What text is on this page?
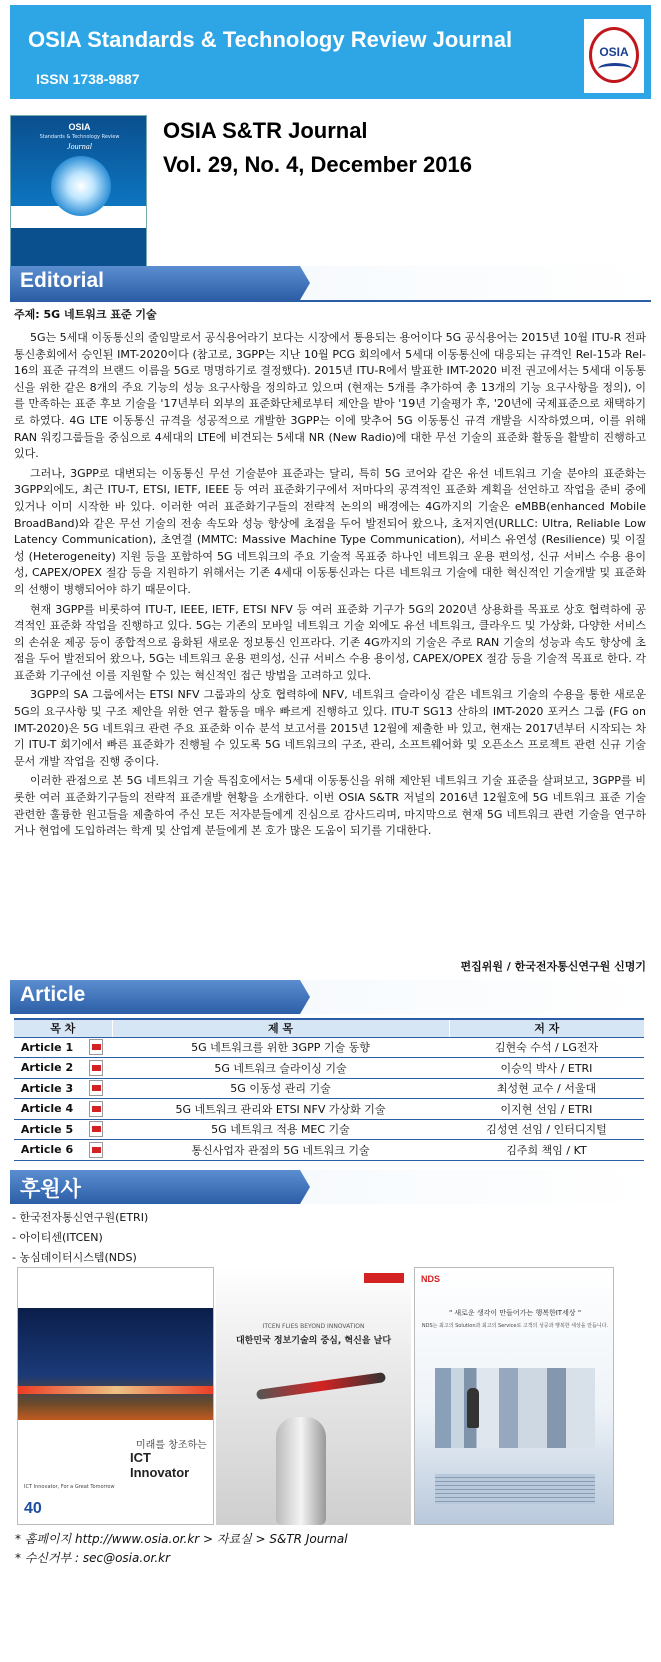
OSIA Standards & Technology Review Journal
ISSN 1738-9887
OSIA
OSIA
Standards & Technology Review
Journal
OSIA S&TR Journal
Vol. 29, No. 4, December 2016
Editorial
주제: 5G 네트워크 표준 기술

5G는 5세대 이동통신의 줄임말로서 공식용어라기 보다는 시장에서 통용되는 용어이다 5G 공식용어는 2015년 10월 ITU-R 전파통신총회에서 승인된 IMT-2020이다 (참고로, 3GPP는 지난 10월 PCG 회의에서 5세대 이동통신에 대응되는 규격인 Rel-15과 Rel-16의 표준 규격의 브랜드 이름을 5G로 명명하기로 결정했다). 2015년 ITU-R에서 발표한 IMT-2020 비전 권고에서는 5세대 이동통신을 위한 같은 8개의 주요 기능의 성능 요구사항을 정의하고 있으며 (현재는 5개를 추가하여 총 13개의 기능 요구사항을 정의), 이를 만족하는 표준 후보 기술을 '17년부터 외부의 표준화단체로부터 제안을 받아 '19년 기술평가 후, '20년에 국제표준으로 채택하기로 하였다. 4G LTE 이동통신 규격을 성공적으로 개발한 3GPP는 이에 맞추어 5G 이동통신 규격 개발을 시작하였으며, 이를 위해 RAN 워킹그룹들을 중심으로 4세대의 LTE에 비견되는 5세대 NR (New Radio)에 대한 무선 기술의 표준화 활동을 활발히 진행하고 있다.

그러나, 3GPP로 대변되는 이동통신 무선 기술분야 표준과는 달리, 특히 5G 코어와 같은 유선 네트워크 기술 분야의 표준화는 3GPP외에도, 최근 ITU-T, ETSI, IETF, IEEE 등 여러 표준화기구에서 저마다의 공격적인 표준화 계획을 선언하고 작업을 준비 중에 있거나 이미 시작한 바 있다. 이러한 여러 표준화기구들의 전략적 논의의 배경에는 4G까지의 기술은 eMBB(enhanced Mobile BroadBand)와 같은 무선 기술의 전송 속도와 성능 향상에 초점을 두어 발전되어 왔으나, 초저지연(URLLC: Ultra, Reliable Low Latency Communication), 초연결 (MMTC: Massive Machine Type Communication), 서비스 유연성 (Resilience) 및 이질성 (Heterogeneity) 지원 등을 포함하여 5G 네트워크의 주요 기술적 목표중 하나인 네트워크 운용 편의성, 신규 서비스 수용 용이성, CAPEX/OPEX 절감 등을 지원하기 위해서는 기존 4세대 이동통신과는 다른 네트워크 기술에 대한 혁신적인 기술개발 및 표준화의 선행이 병행되어야 하기 때문이다.

현재 3GPP를 비롯하여 ITU-T, IEEE, IETF, ETSI NFV 등 여러 표준화 기구가 5G의 2020년 상용화를 목표로 상호 협력하에 공격적인 표준화 작업을 진행하고 있다. 5G는 기존의 모바일 네트워크 기술 외에도 유선 네트워크, 클라우드 및 가상화, 다양한 서비스의 손쉬운 제공 등이 종합적으로 융화된 새로운 정보통신 인프라다. 기존 4G까지의 기술은 주로 RAN 기술의 성능과 속도 향상에 초점을 두어 발전되어 왔으나, 5G는 네트워크 운용 편의성, 신규 서비스 수용 용이성, CAPEX/OPEX 절감 등을 기술적 목표로 한다. 각 표준화 기구에선 이를 지원할 수 있는 혁신적인 접근 방법을 고려하고 있다.

3GPP의 SA 그룹에서는 ETSI NFV 그룹과의 상호 협력하에 NFV, 네트워크 슬라이싱 같은 네트워크 기술의 수용을 통한 새로운 5G의 요구사항 및 구조 제안을 위한 연구 활동을 매우 빠르게 진행하고 있다. ITU-T SG13 산하의 IMT-2020 포커스 그룹 (FG on IMT-2020)은 5G 네트워크 관련 주요 표준화 이슈 분석 보고서를 2015년 12월에 제출한 바 있고, 현재는 2017년부터 시작되는 차기 ITU-T 회기에서 빠른 표준화가 진행될 수 있도록 5G 네트워크의 구조, 관리, 소프트웨어화 및 오픈소스 프로젝트 관련 신규 기술 문서 개발 작업을 진행 중이다.

이러한 관점으로 본 5G 네트워크 기술 특집호에서는 5세대 이동통신을 위해 제안된 네트워크 기술 표준을 살펴보고, 3GPP를 비롯한 여러 표준화기구들의 전략적 표준개발 현황을 소개한다. 이번 OSIA S&TR 저널의 2016년 12월호에 5G 네트워크 표준 기술 관련한 훌륭한 원고들을 제출하여 주신 모든 저자분들에게 진심으로 감사드리며, 마지막으로 현재 5G 네트워크 관련 기술을 연구하거나 현업에 도입하려는 학계 및 산업계 분들에게 본 호가 많은 도움이 되기를 기대한다.

편집위원 / 한국전자통신연구원 신명기
Article
목 차		제 목	저 자
Article 1		5G 네트워크를 위한 3GPP 기술 동향	김현숙 수석 / LG전자
Article 2		5G 네트워크 슬라이싱 기술	이승익 박사 / ETRI
Article 3		5G 이동성 관리 기술	최성현 교수 / 서울대
Article 4		5G 네트워크 관리와 ETSI NFV 가상화 기술	이지현 선임 / ETRI
Article 5		5G 네트워크 적용 MEC 기술	김성연 선임 / 인터디지털
Article 6		통신사업자 관점의 5G 네트워크 기술	김주희 책임 / KT
후원사
- 한국전자통신연구원(ETRI)
- 아이티센(ITCEN)
- 농심데이터시스템(NDS)
미래를 창조하는
ICT Innovator
ICT Innovator, For a Great Tomorrow
40
ITCEN FLIES BEYOND INNOVATION
대한민국 정보기술의 중심, 혁신을 날다
NDS
" 새로운 생각이 만들어가는 행복한IT세상 "
NDS는 최고의 Solution과 최고의 Service로 고객의 성공과 행복한 세상을 만듭니다.
* 홈페이지 http://www.osia.or.kr > 자료실 > S&TR Journal
* 수신거부 : sec@osia.or.kr
